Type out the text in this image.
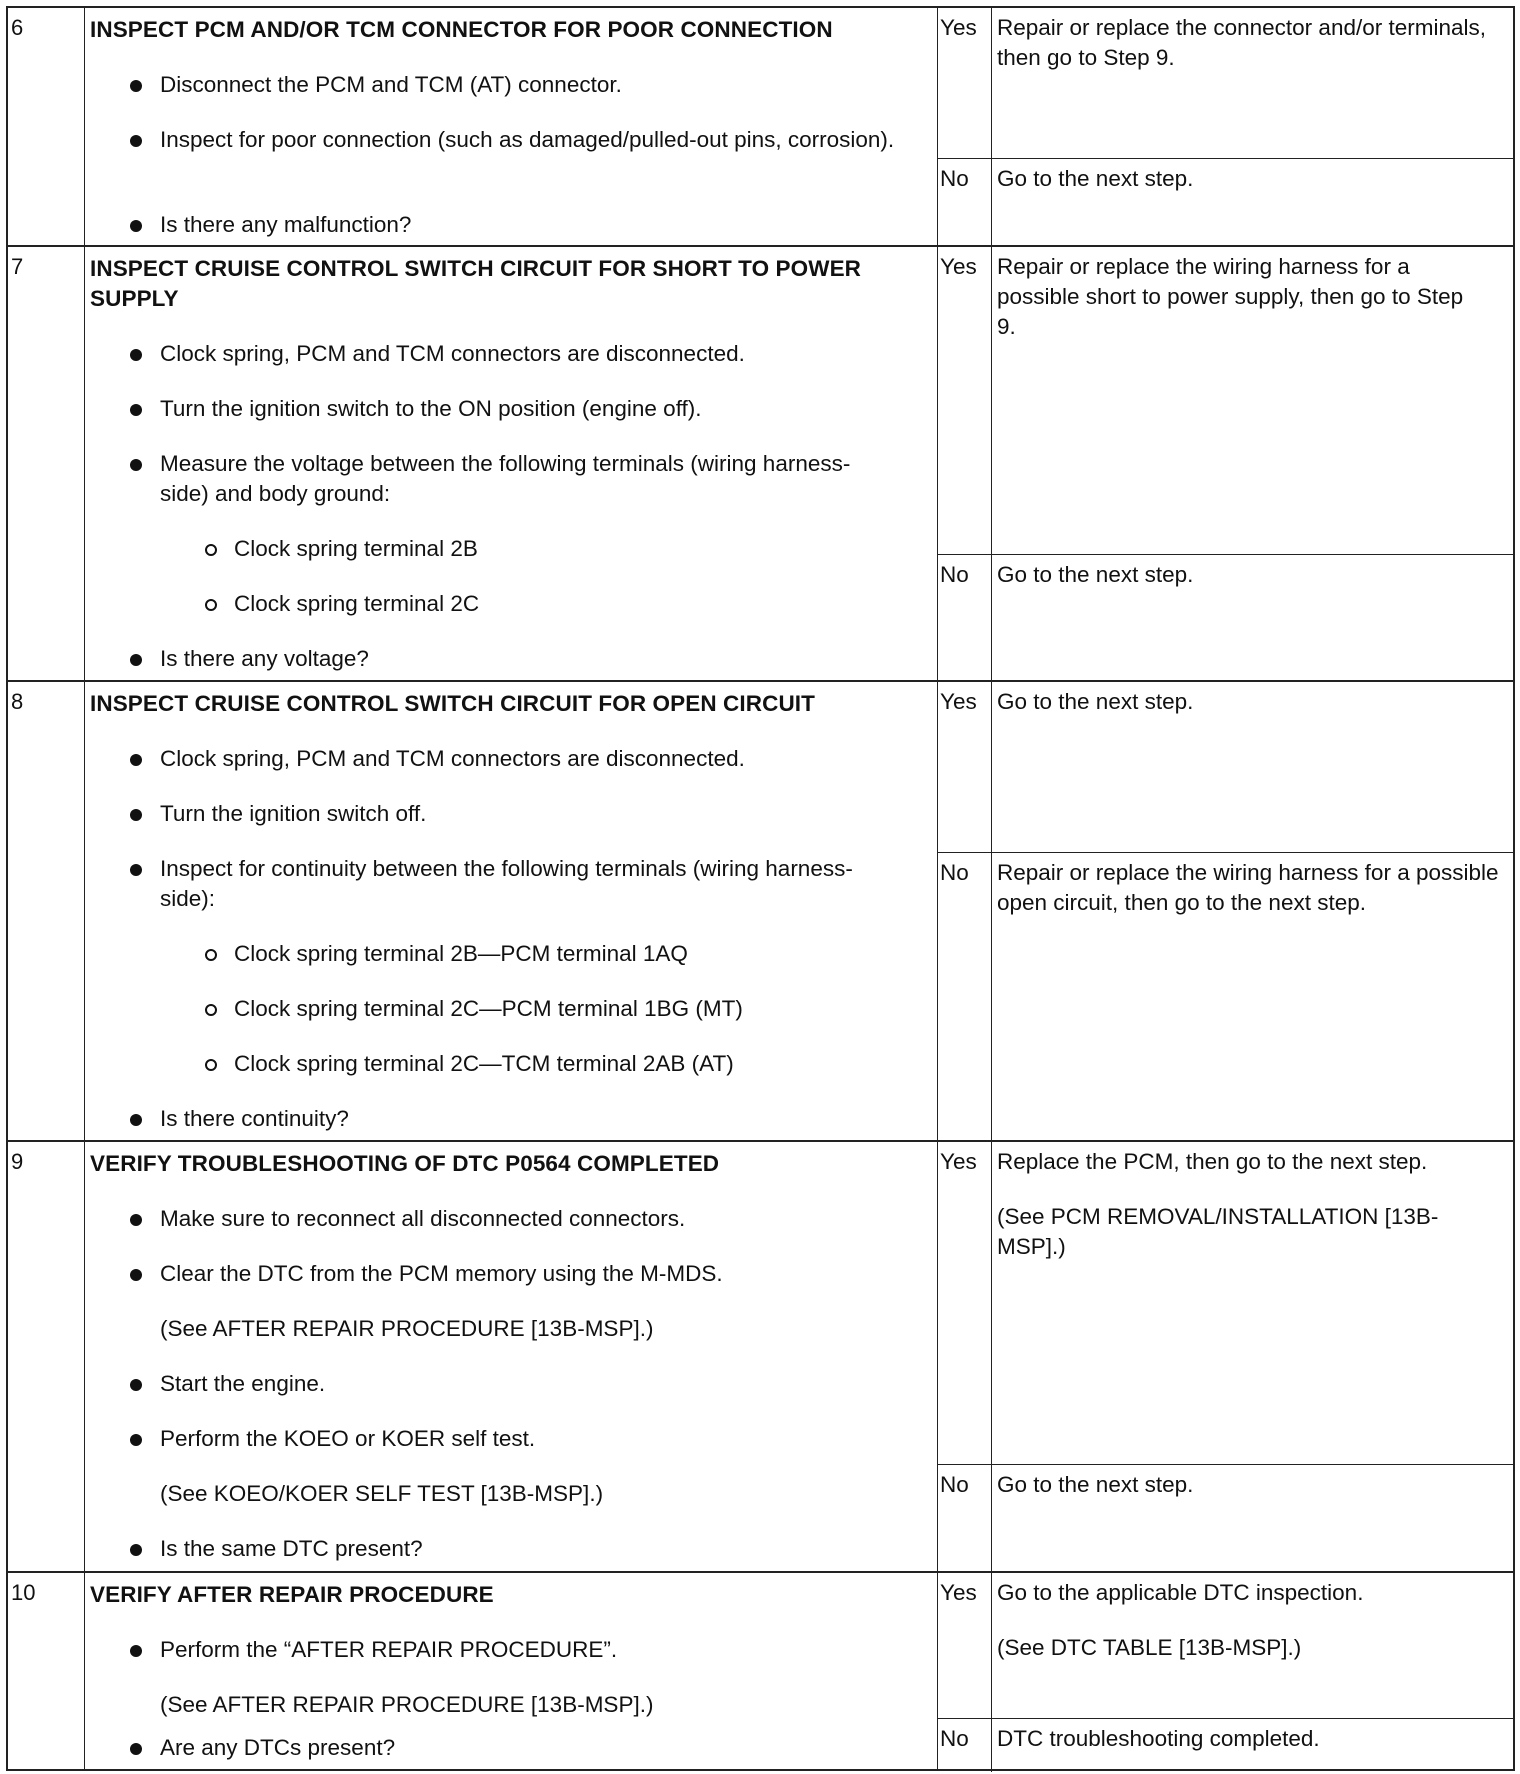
6	INSPECT PCM AND/OR TCM CONNECTOR FOR POOR CONNECTION
Disconnect the PCM and TCM (AT) connector.
Inspect for poor connection (such as damaged/pulled-out pins, corrosion).
Is there any malfunction?
Yes Repair or replace the connector and/or terminals, then go to Step 9.
No Go to the next step.
7	INSPECT CRUISE CONTROL SWITCH CIRCUIT FOR SHORT TO POWER SUPPLY
Clock spring, PCM and TCM connectors are disconnected.
Turn the ignition switch to the ON position (engine off).
Measure the voltage between the following terminals (wiring harness-side) and body ground:
Clock spring terminal 2B
Clock spring terminal 2C
Is there any voltage?
Yes Repair or replace the wiring harness for a possible short to power supply, then go to Step 9.
No Go to the next step.
8	INSPECT CRUISE CONTROL SWITCH CIRCUIT FOR OPEN CIRCUIT
Clock spring, PCM and TCM connectors are disconnected.
Turn the ignition switch off.
Inspect for continuity between the following terminals (wiring harness-side):
Clock spring terminal 2B—PCM terminal 1AQ
Clock spring terminal 2C—PCM terminal 1BG (MT)
Clock spring terminal 2C—TCM terminal 2AB (AT)
Is there continuity?
Yes Go to the next step.
No Repair or replace the wiring harness for a possible open circuit, then go to the next step.
9	VERIFY TROUBLESHOOTING OF DTC P0564 COMPLETED
Make sure to reconnect all disconnected connectors.
Clear the DTC from the PCM memory using the M-MDS.
(See AFTER REPAIR PROCEDURE [13B-MSP].)
Start the engine.
Perform the KOEO or KOER self test.
(See KOEO/KOER SELF TEST [13B-MSP].)
Is the same DTC present?
Yes Replace the PCM, then go to the next step.
(See PCM REMOVAL/INSTALLATION [13B-MSP].)
No Go to the next step.
10 VERIFY AFTER REPAIR PROCEDURE
Perform the “AFTER REPAIR PROCEDURE”.
(See AFTER REPAIR PROCEDURE [13B-MSP].)
Are any DTCs present?
Yes Go to the applicable DTC inspection.
(See DTC TABLE [13B-MSP].)
No DTC troubleshooting completed.
